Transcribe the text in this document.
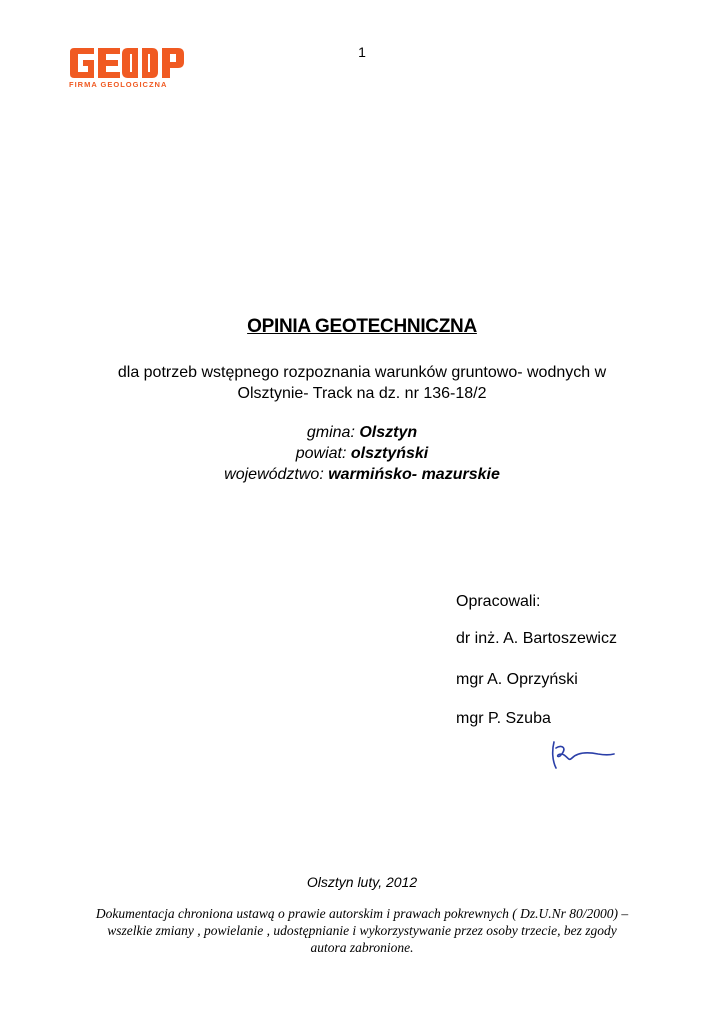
1
FIRMA GEOLOGICZNA
OPINIA GEOTECHNICZNA
dla potrzeb wstępnego rozpoznania warunków gruntowo- wodnych w
Olsztynie- Track na dz. nr 136-18/2
gmina: Olsztyn
powiat: olsztyński
województwo: warmińsko- mazurskie
Opracowali:
dr inż. A. Bartoszewicz
mgr A. Oprzyński
mgr P. Szuba
Olsztyn luty, 2012
Dokumentacja chroniona ustawą o prawie autorskim i prawach pokrewnych ( Dz.U.Nr 80/2000) –
wszelkie zmiany , powielanie , udostępnianie i wykorzystywanie przez osoby trzecie, bez zgody
autora zabronione.
